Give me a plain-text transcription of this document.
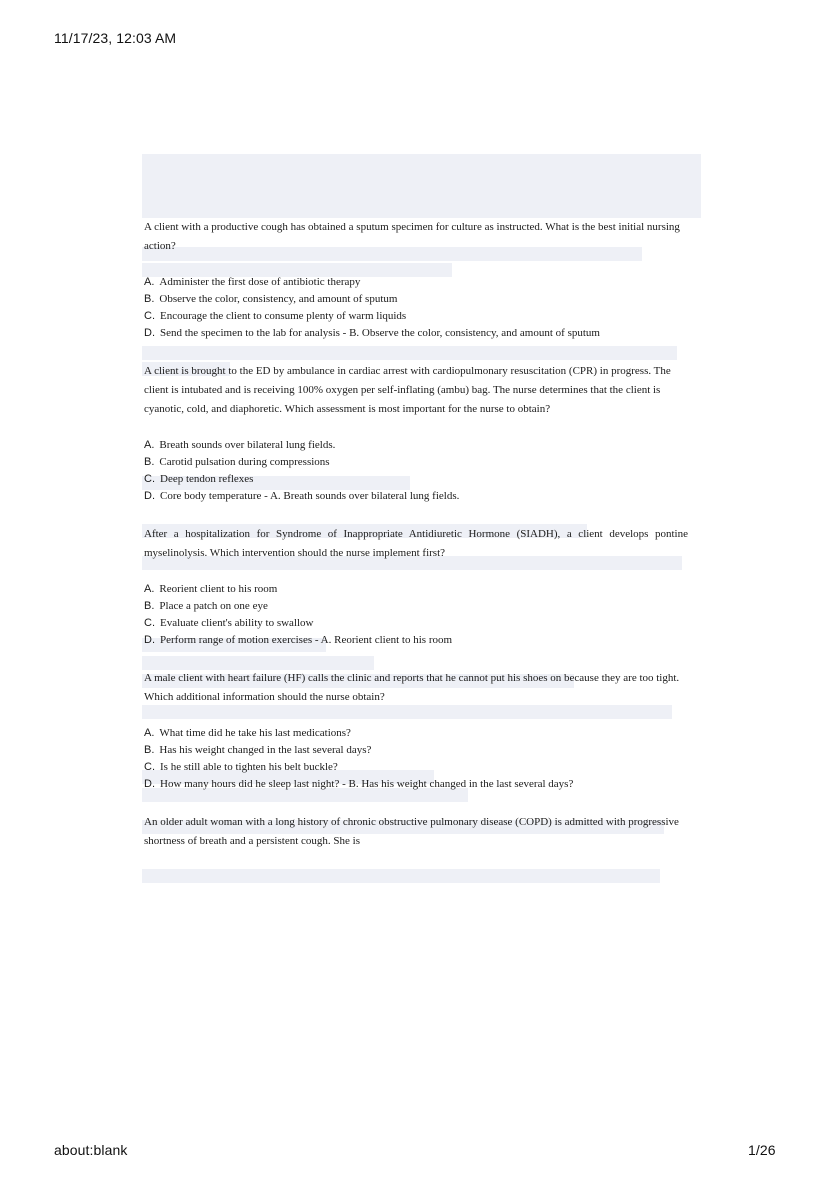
11/17/23, 12:03 AM
about:blank	1/26

A client with a productive cough has obtained a sputum specimen for culture as instructed. What is the best initial nursing action?

A. Administer the first dose of antibiotic therapy
B. Observe the color, consistency, and amount of sputum
C. Encourage the client to consume plenty of warm liquids
D. Send the specimen to the lab for analysis - B. Observe the color, consistency, and amount of sputum

A client is brought to the ED by ambulance in cardiac arrest with cardiopulmonary resuscitation (CPR) in progress. The client is intubated and is receiving 100% oxygen per self-inflating (ambu) bag. The nurse determines that the client is cyanotic, cold, and diaphoretic. Which assessment is most important for the nurse to obtain?

A. Breath sounds over bilateral lung fields.
B. Carotid pulsation during compressions
C. Deep tendon reflexes
D. Core body temperature - A. Breath sounds over bilateral lung fields.

After a hospitalization for Syndrome of Inappropriate Antidiuretic Hormone (SIADH), a client develops pontine myselinolysis. Which intervention should the nurse implement first?

A. Reorient client to his room
B. Place a patch on one eye
C. Evaluate client's ability to swallow
D. Perform range of motion exercises - A. Reorient client to his room

A male client with heart failure (HF) calls the clinic and reports that he cannot put his shoes on because they are too tight. Which additional information should the nurse obtain?

A. What time did he take his last medications?
B. Has his weight changed in the last several days?
C. Is he still able to tighten his belt buckle?
D. How many hours did he sleep last night? - B. Has his weight changed in the last several days?

An older adult woman with a long history of chronic obstructive pulmonary disease (COPD) is admitted with progressive shortness of breath and a persistent cough. She is
